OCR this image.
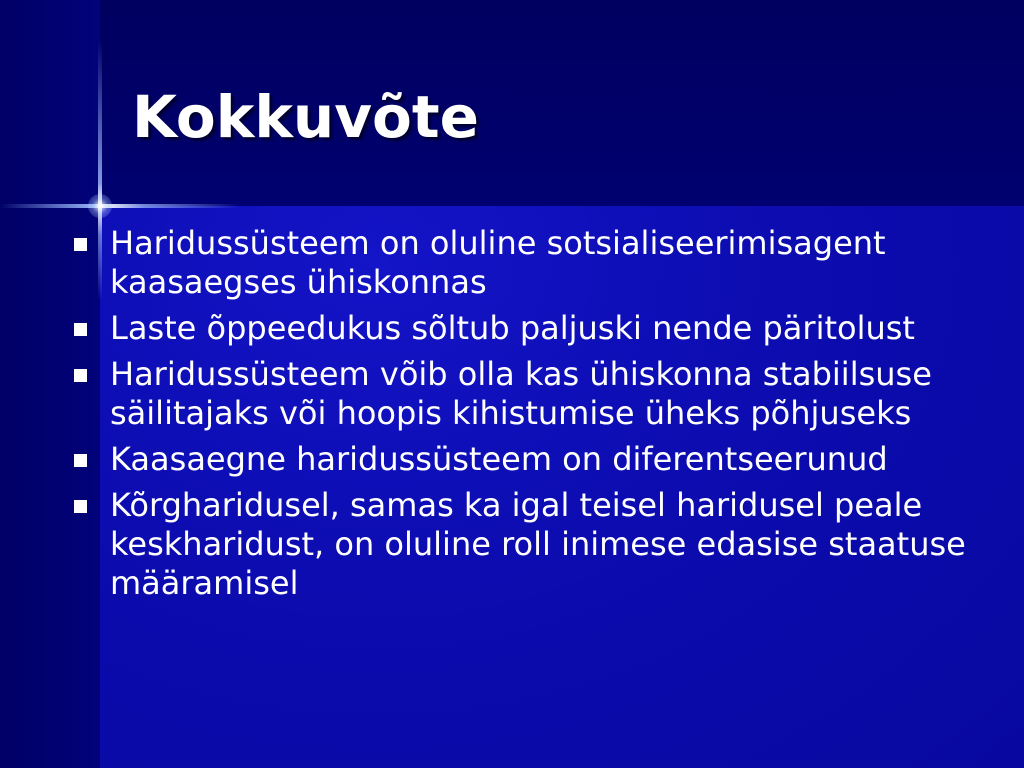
Kokkuvõte
Haridussüsteem on oluline sotsialiseerimisagent kaasaegses ühiskonnas
Laste õppeedukus sõltub paljuski nende päritolust
Haridussüsteem võib olla kas ühiskonna stabiilsuse säilitajaks või hoopis kihistumise üheks põhjuseks
Kaasaegne haridussüsteem on diferentseerunud
Kõrgharidusel, samas ka igal teisel haridusel peale keskharidust, on oluline roll inimese edasise staatuse määramisel
